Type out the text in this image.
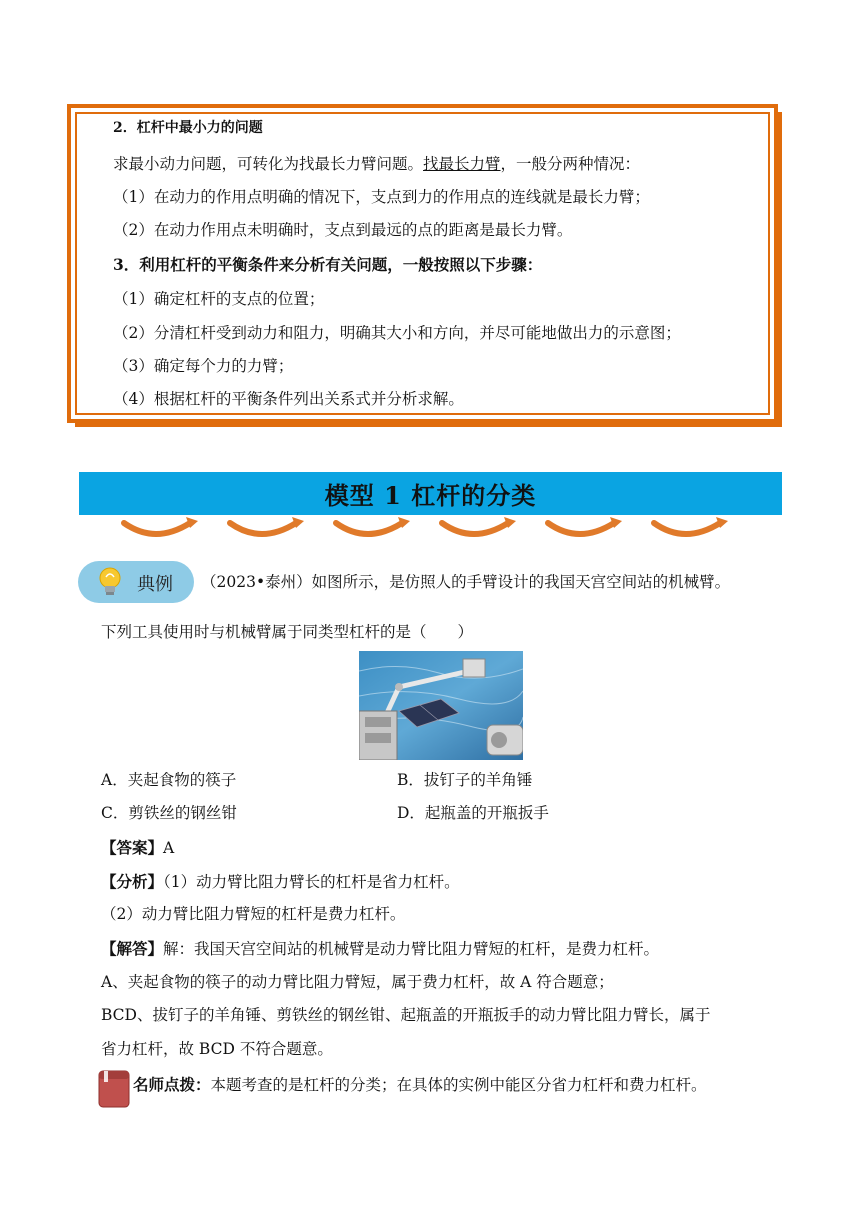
2．杠杆中最小力的问题
求最小动力问题，可转化为找最长力臂问题。找最长力臂，一般分两种情况：
（1）在动力的作用点明确的情况下，支点到力的作用点的连线就是最长力臂；
（2）在动力作用点未明确时，支点到最远的点的距离是最长力臂。
3．利用杠杆的平衡条件来分析有关问题，一般按照以下步骤：
（1）确定杠杆的支点的位置；
（2）分清杠杆受到动力和阻力，明确其大小和方向，并尽可能地做出力的示意图；
（3）确定每个力的力臂；
（4）根据杠杆的平衡条件列出关系式并分析求解。
模型 1 杠杆的分类
典例 （2023•泰州）如图所示，是仿照人的手臂设计的我国天宫空间站的机械臂。
下列工具使用时与机械臂属于同类型杠杆的是（　　）
A．夹起食物的筷子	B．拔钉子的羊角锤
C．剪铁丝的钢丝钳	D．起瓶盖的开瓶扳手
【答案】A
【分析】（1）动力臂比阻力臂长的杠杆是省力杠杆。
（2）动力臂比阻力臂短的杠杆是费力杠杆。
【解答】解：我国天宫空间站的机械臂是动力臂比阻力臂短的杠杆，是费力杠杆。
A、夹起食物的筷子的动力臂比阻力臂短，属于费力杠杆，故 A 符合题意；
BCD、拔钉子的羊角锤、剪铁丝的钢丝钳、起瓶盖的开瓶扳手的动力臂比阻力臂长，属于
省力杠杆，故 BCD 不符合题意。
名师点拨：本题考查的是杠杆的分类；在具体的实例中能区分省力杠杆和费力杠杆。
